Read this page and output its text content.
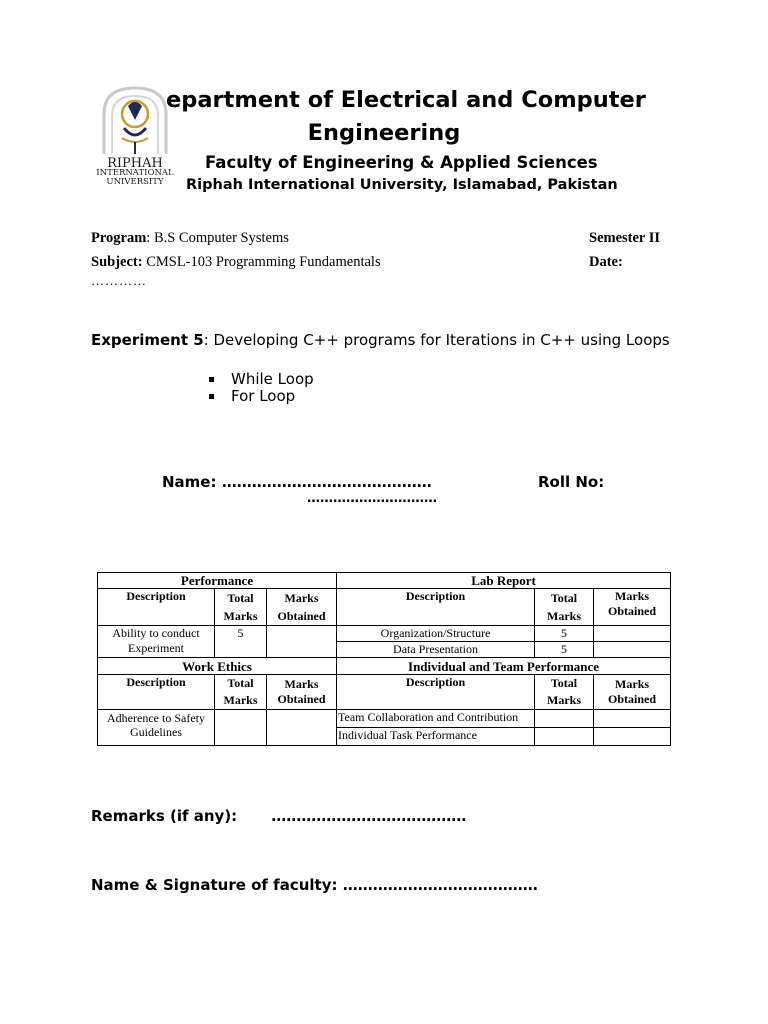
RIPHAH
INTERNATIONAL
UNIVERSITY
epartment of Electrical and Computer
Engineering
Faculty of Engineering & Applied Sciences
Riphah International University, Islamabad, Pakistan
Program: B.S Computer Systems	Semester II
Subject: CMSL-103 Programming Fundamentals	Date:
…………
Experiment 5: Developing C++ programs for Iterations in C++ using Loops
While Loop
For Loop
Name: ……………………………………	Roll No:
…………………………
Performance			Lab Report		
Description	Total Marks	Marks Obtained	Description	Total Marks	Marks Obtained
Ability to conduct Experiment	5		Organization/Structure	5	
			Data Presentation	5	
Work Ethics			Individual and Team Performance		
Description	Total Marks	Marks Obtained	Description	Total Marks	Marks Obtained
Adherence to Safety Guidelines			Team Collaboration and Contribution		
			Individual Task Performance		
Remarks (if any): …………………………………
Name & Signature of faculty: …………………………………
